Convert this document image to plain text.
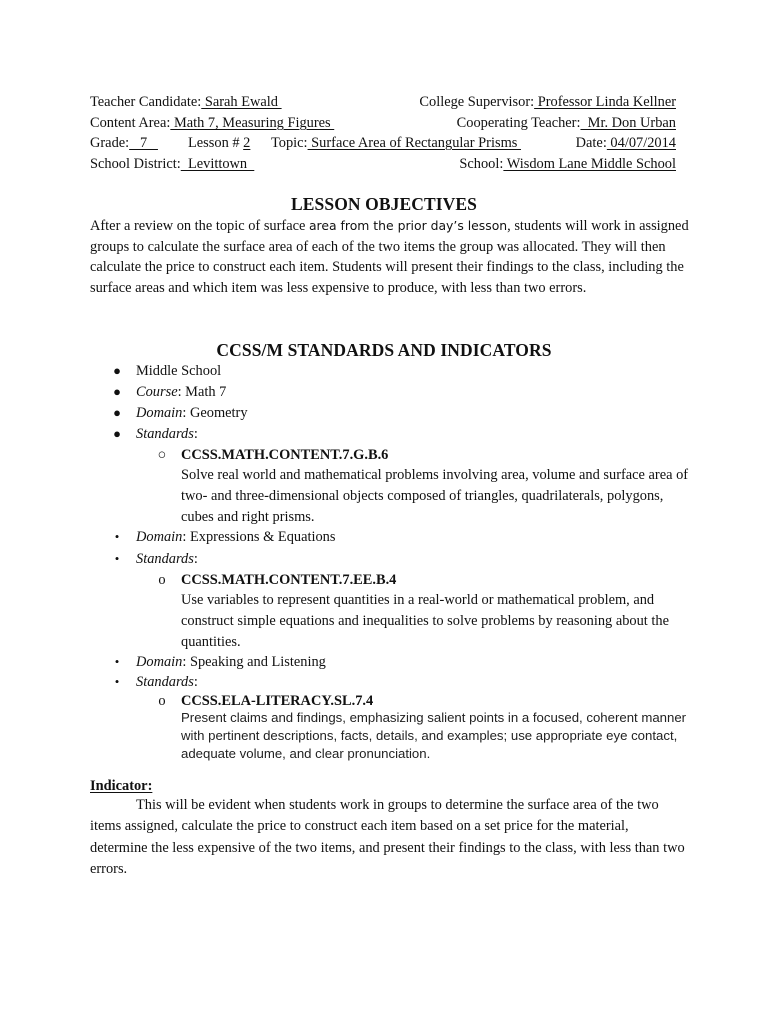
Teacher Candidate: Sarah Ewald	College Supervisor: Professor Linda Kellner
Content Area: Math 7, Measuring Figures	Cooperating Teacher:  Mr. Don Urban
Grade:   7 Lesson # 2 Topic: Surface Area of Rectangular Prisms	Date: 04/07/2014
School District:  Levittown	School: Wisdom Lane Middle School
LESSON OBJECTIVES
After a review on the topic of surface area from the prior day’s lesson, students will work in assigned groups to calculate the surface area of each of the two items the group was allocated. They will then calculate the price to construct each item. Students will present their findings to the class, including the surface areas and which item was less expensive to produce, with less than two errors.
CCSS/M STANDARDS AND INDICATORS
● Middle School
● Course: Math 7
● Domain: Geometry
● Standards:
○ CCSS.MATH.CONTENT.7.G.B.6
Solve real world and mathematical problems involving area, volume and surface area of two- and three-dimensional objects composed of triangles, quadrilaterals, polygons, cubes and right prisms.
•	Domain: Expressions & Equations
•	Standards:
o CCSS.MATH.CONTENT.7.EE.B.4
Use variables to represent quantities in a real-world or mathematical problem, and construct simple equations and inequalities to solve problems by reasoning about the quantities.
•	Domain: Speaking and Listening
•	Standards:
o CCSS.ELA-LITERACY.SL.7.4
Present claims and findings, emphasizing salient points in a focused, coherent manner with pertinent descriptions, facts, details, and examples; use appropriate eye contact, adequate volume, and clear pronunciation.
Indicator:
This will be evident when students work in groups to determine the surface area of the two items assigned, calculate the price to construct each item based on a set price for the material, determine the less expensive of the two items, and present their findings to the class, with less than two errors.
